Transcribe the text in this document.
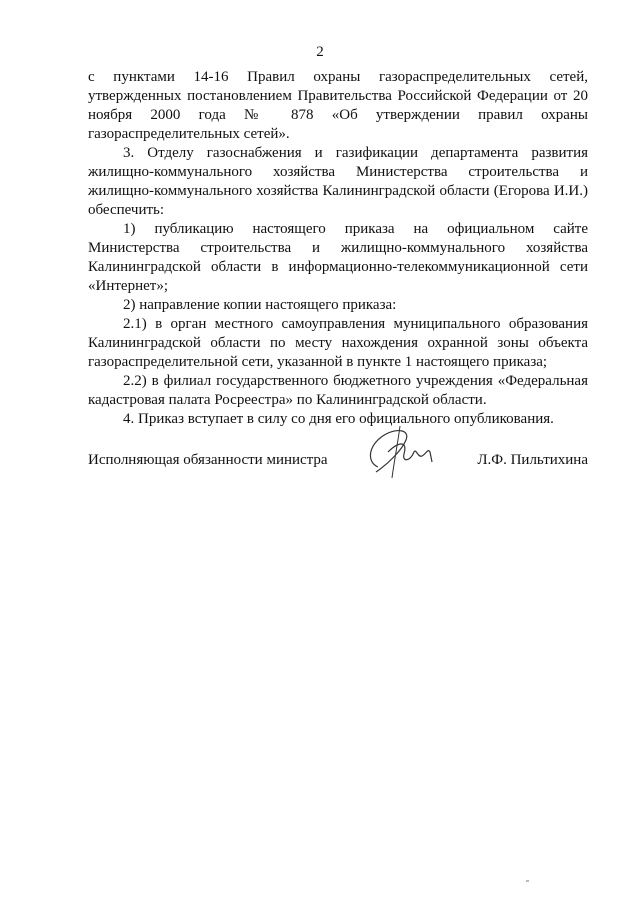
2

с пунктами 14-16 Правил охраны газораспределительных сетей, утвержденных постановлением Правительства Российской Федерации от 20 ноября 2000 года № 878 «Об утверждении правил охраны газораспределительных сетей».

3. Отделу газоснабжения и газификации департамента развития жилищно-коммунального хозяйства Министерства строительства и жилищно-коммунального хозяйства Калининградской области (Егорова И.И.) обеспечить:

1) публикацию настоящего приказа на официальном сайте Министерства строительства и жилищно-коммунального хозяйства Калининградской области в информационно-телекоммуникационной сети «Интернет»;

2) направление копии настоящего приказа:

2.1) в орган местного самоуправления муниципального образования Калининградской области по месту нахождения охранной зоны объекта газораспределительной сети, указанной в пункте 1 настоящего приказа;

2.2) в филиал государственного бюджетного учреждения «Федеральная кадастровая палата Росреестра» по Калининградской области.

4. Приказ вступает в силу со дня его официального опубликования.

Исполняющая обязанности министра	Л.Ф. Пильтихина
